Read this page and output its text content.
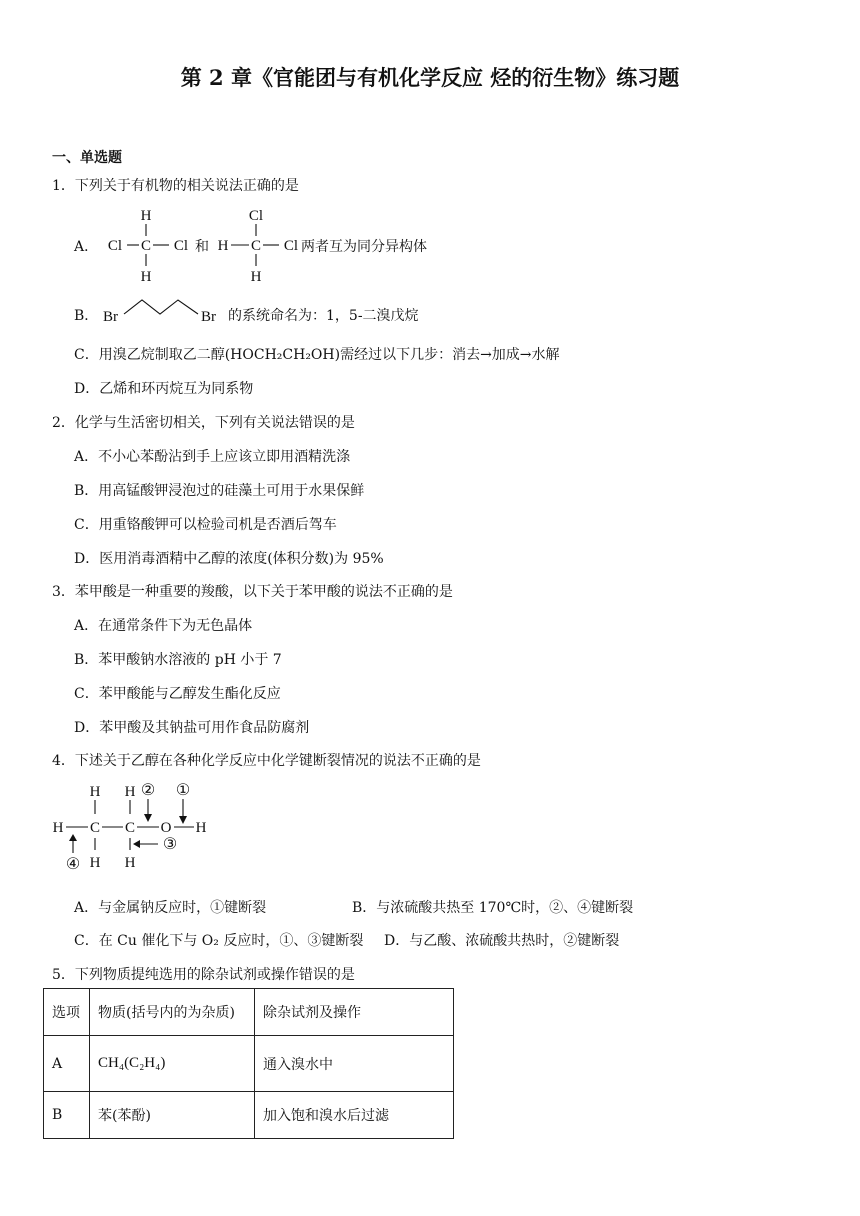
第 2 章《官能团与有机化学反应 烃的衍生物》练习题
一、单选题
1．下列关于有机物的相关说法正确的是
A．
H
Cl C Cl
H
H
Cl
C Cl
H
和	两者互为同分异构体
B． Br	Br 的系统命名为：1，5-二溴戊烷
C．用溴乙烷制取乙二醇(HOCH₂CH₂OH)需经过以下几步：消去→加成→水解
D．乙烯和环丙烷互为同系物
2．化学与生活密切相关，下列有关说法错误的是
A．不小心苯酚沾到手上应该立即用酒精洗涤
B．用高锰酸钾浸泡过的硅藻土可用于水果保鲜
C．用重铬酸钾可以检验司机是否酒后驾车
D．医用消毒酒精中乙醇的浓度(体积分数)为 95%
3．苯甲酸是一种重要的羧酸，以下关于苯甲酸的说法不正确的是
A．在通常条件下为无色晶体
B．苯甲酸钠水溶液的 pH 小于 7
C．苯甲酸能与乙醇发生酯化反应
D．苯甲酸及其钠盐可用作食品防腐剂
4．下述关于乙醇在各种化学反应中化学键断裂情况的说法不正确的是
H H
H C C O H
H H
② ①
③
④
A．与金属钠反应时，①键断裂	B．与浓硫酸共热至 170℃时，②、④键断裂
C．在 Cu 催化下与 O₂ 反应时，①、③键断裂 D．与乙酸、浓硫酸共热时，②键断裂
5．下列物质提纯选用的除杂试剂或操作错误的是
选项	物质(括号内的为杂质)	除杂试剂及操作
A	CH₄(C₂H₄)	通入溴水中
B	苯(苯酚)	加入饱和溴水后过滤
